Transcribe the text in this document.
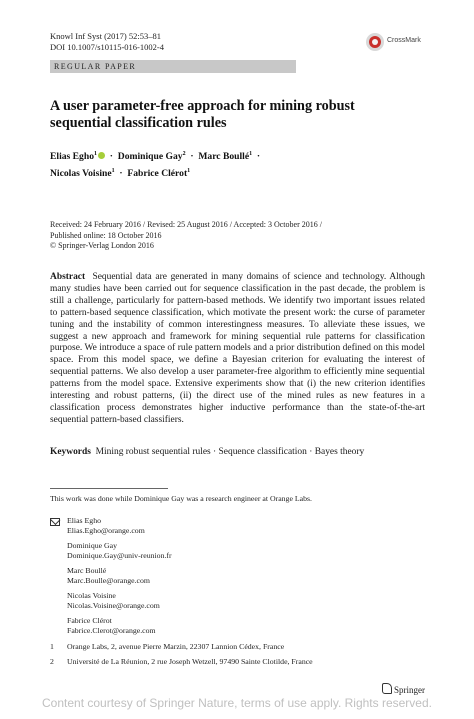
Knowl Inf Syst (2017) 52:53–81
DOI 10.1007/s10115-016-1002-4
CrossMark
REGULAR PAPER
A user parameter-free approach for mining robust
sequential classification rules
Elias Egho$^1$  ·  Dominique Gay$^2$  ·  Marc Boullé$^1$  ·
Nicolas Voisine$^1$  ·  Fabrice Clérot$^1$
Received: 24 February 2016 / Revised: 25 August 2016 / Accepted: 3 October 2016 /
Published online: 18 October 2016
© Springer-Verlag London 2016
Abstract Sequential data are generated in many domains of science and technology. Although many studies have been carried out for sequence classification in the past decade, the problem is still a challenge, particularly for pattern-based methods. We identify two important issues related to pattern-based sequence classification, which motivate the present work: the curse of parameter tuning and the instability of common interestingness measures. To alleviate these issues, we suggest a new approach and framework for mining sequential rule patterns for classification purpose. We introduce a space of rule pattern models and a prior distribution defined on this model space. From this model space, we define a Bayesian criterion for evaluating the interest of sequential patterns. We also develop a user parameter-free algorithm to efficiently mine sequential patterns from the model space. Extensive experiments show that (i) the new criterion identifies interesting and robust patterns, (ii) the direct use of the mined rules as new features in a classification process demonstrates higher inductive performance than the state-of-the-art sequential pattern-based classifiers.
Keywords Mining robust sequential rules · Sequence classification · Bayes theory
This work was done while Dominique Gay was a research engineer at Orange Labs.
Elias Egho
Elias.Egho@orange.com
Dominique Gay
Dominique.Gay@univ-reunion.fr
Marc Boullé
Marc.Boulle@orange.com
Nicolas Voisine
Nicolas.Voisine@orange.com
Fabrice Clérot
Fabrice.Clerot@orange.com
1 Orange Labs, 2, avenue Pierre Marzin, 22307 Lannion Cédex, France
2 Université de La Réunion, 2 rue Joseph Wetzell, 97490 Sainte Clotilde, France
Springer
Content courtesy of Springer Nature, terms of use apply. Rights reserved.
